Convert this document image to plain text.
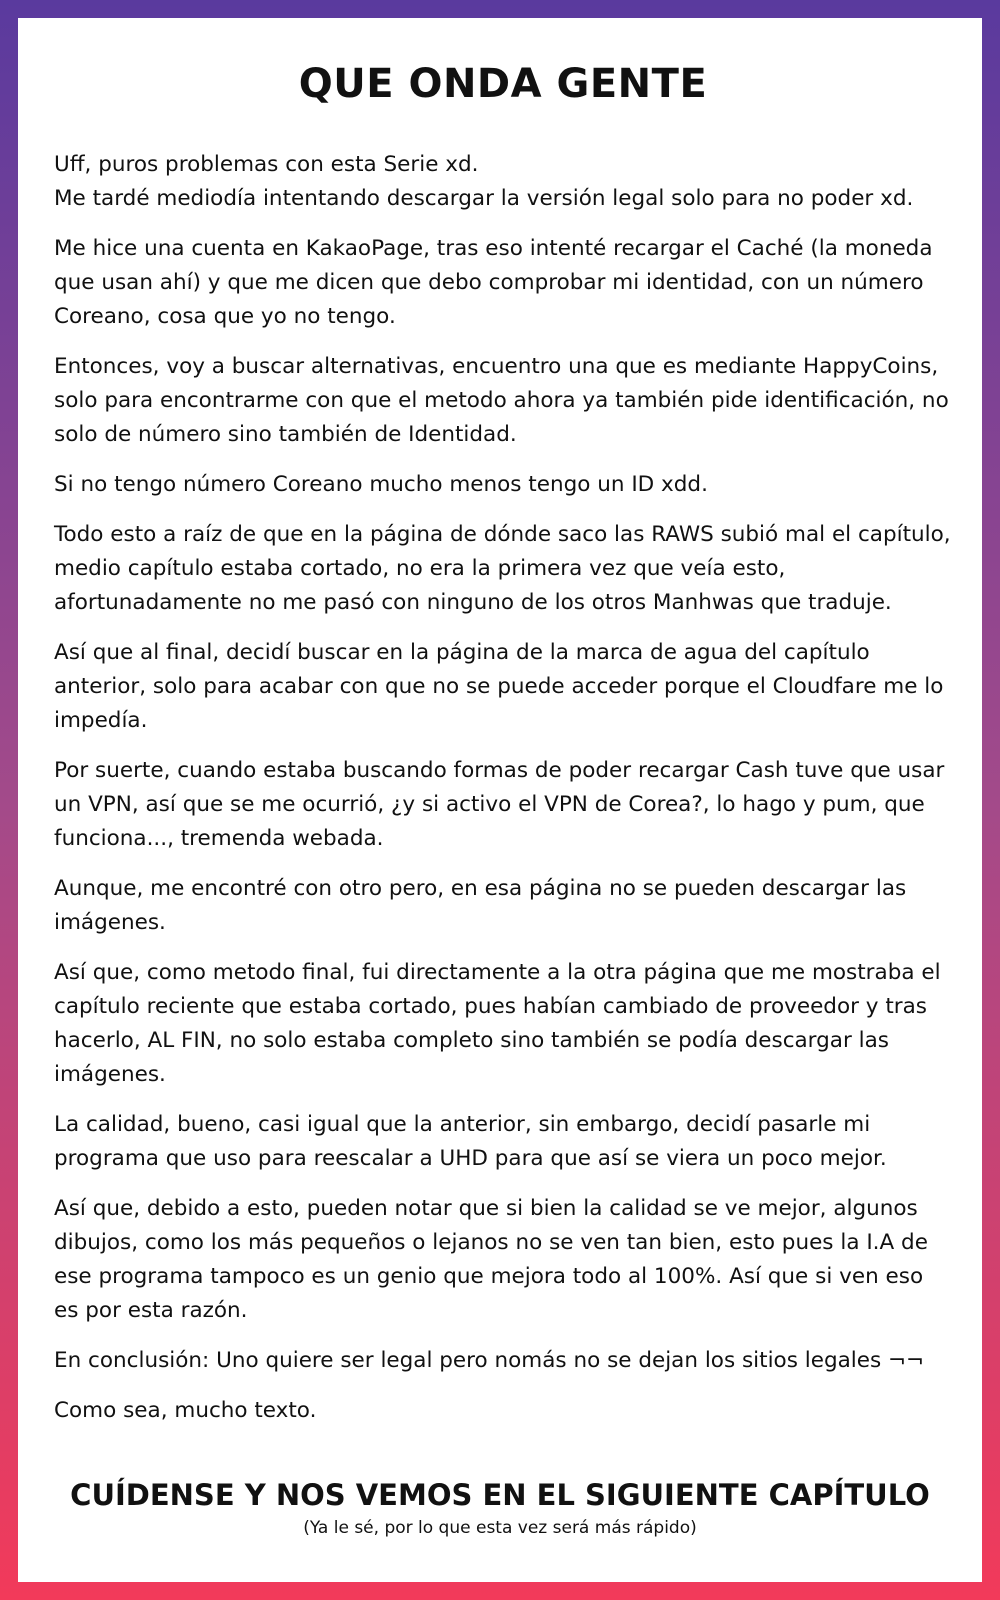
QUE ONDA GENTE

Uff, puros problemas con esta Serie xd.
Me tardé mediodía intentando descargar la versión legal solo para no poder xd.

Me hice una cuenta en KakaoPage, tras eso intenté recargar el Caché (la moneda que usan ahí) y que me dicen que debo comprobar mi identidad, con un número Coreano, cosa que yo no tengo.

Entonces, voy a buscar alternativas, encuentro una que es mediante HappyCoins, solo para encontrarme con que el metodo ahora ya también pide identificación, no solo de número sino también de Identidad.

Si no tengo número Coreano mucho menos tengo un ID xdd.

Todo esto a raíz de que en la página de dónde saco las RAWS subió mal el capítulo, medio capítulo estaba cortado, no era la primera vez que veía esto, afortunadamente no me pasó con ninguno de los otros Manhwas que traduje.

Así que al final, decidí buscar en la página de la marca de agua del capítulo anterior, solo para acabar con que no se puede acceder porque el Cloudfare me lo impedía.

Por suerte, cuando estaba buscando formas de poder recargar Cash tuve que usar un VPN, así que se me ocurrió, ¿y si activo el VPN de Corea?, lo hago y pum, que funciona..., tremenda webada.

Aunque, me encontré con otro pero, en esa página no se pueden descargar las imágenes.

Así que, como metodo final, fui directamente a la otra página que me mostraba el capítulo reciente que estaba cortado, pues habían cambiado de proveedor y tras hacerlo, AL FIN, no solo estaba completo sino también se podía descargar las imágenes.

La calidad, bueno, casi igual que la anterior, sin embargo, decidí pasarle mi programa que uso para reescalar a UHD para que así se viera un poco mejor.

Así que, debido a esto, pueden notar que si bien la calidad se ve mejor, algunos dibujos, como los más pequeños o lejanos no se ven tan bien, esto pues la I.A de ese programa tampoco es un genio que mejora todo al 100%. Así que si ven eso es por esta razón.

En conclusión: Uno quiere ser legal pero nomás no se dejan los sitios legales ¬¬

Como sea, mucho texto.

CUÍDENSE Y NOS VEMOS EN EL SIGUIENTE CAPÍTULO
(Ya le sé, por lo que esta vez será más rápido)
